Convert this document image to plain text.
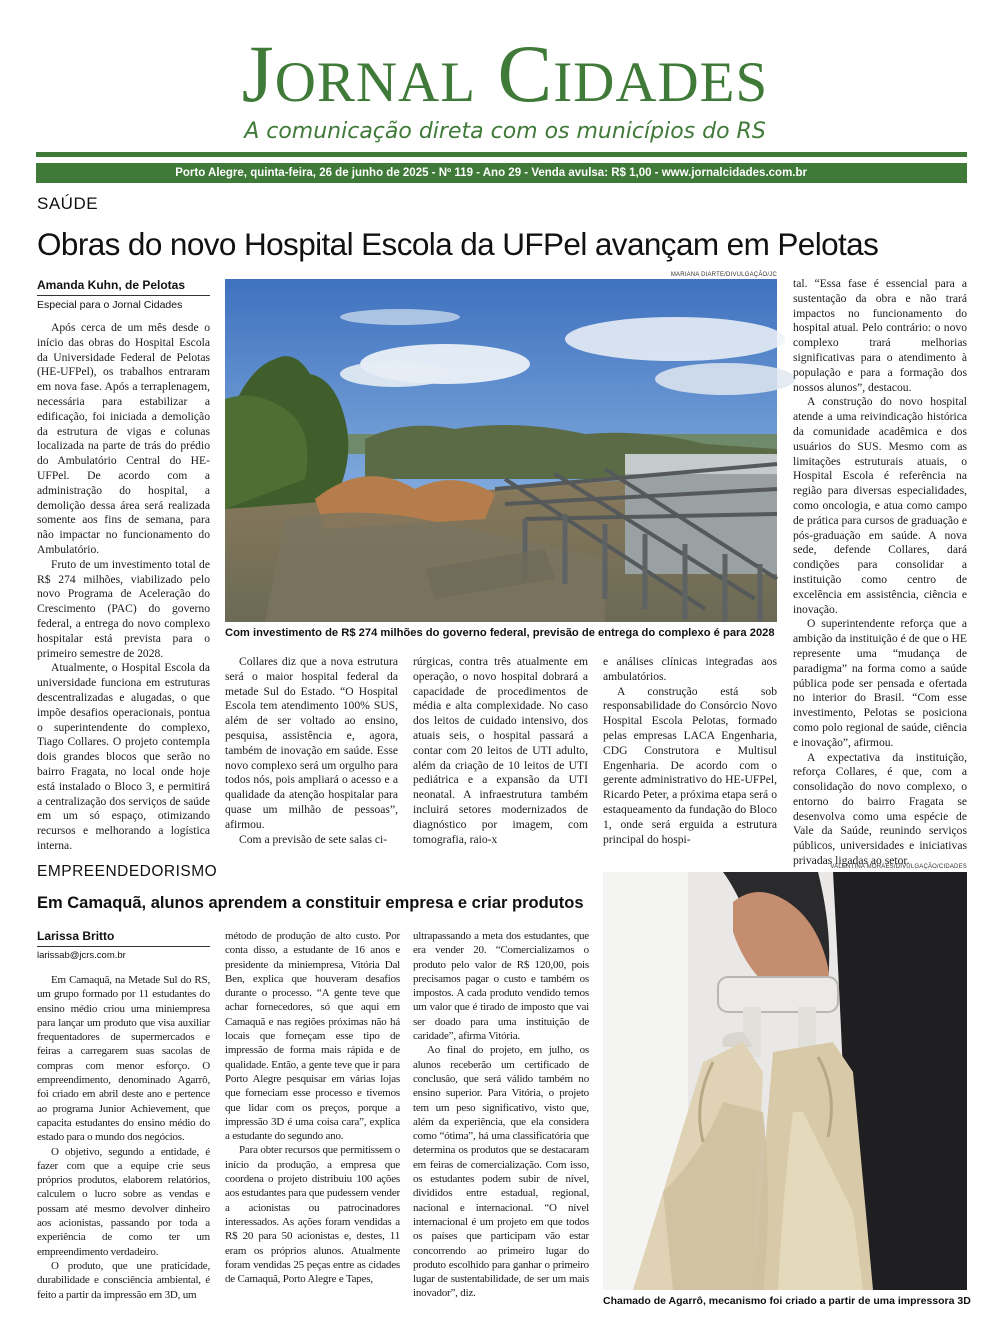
Jornal Cidades
A comunicação direta com os municípios do RS
Porto Alegre, quinta-feira, 26 de junho de 2025 - Nº 119 - Ano 29 - Venda avulsa: R$ 1,00 - www.jornalcidades.com.br
SAÚDE
Obras do novo Hospital Escola da UFPel avançam em Pelotas
Amanda Kuhn, de Pelotas
Especial para o Jornal Cidades

Após cerca de um mês desde o início das obras do Hospital Escola da Universidade Federal de Pelotas (HE-UFPel), os trabalhos entraram em nova fase. Após a terraplenagem, necessária para estabilizar a edificação, foi iniciada a demolição da estrutura de vigas e colunas localizada na parte de trás do prédio do Ambulatório Central do HE-UFPel. De acordo com a administração do hospital, a demolição dessa área será realizada somente aos fins de semana, para não impactar no funcionamento do Ambulatório.

Fruto de um investimento total de R$ 274 milhões, viabilizado pelo novo Programa de Aceleração do Crescimento (PAC) do governo federal, a entrega do novo complexo hospitalar está prevista para o primeiro semestre de 2028.

Atualmente, o Hospital Escola da universidade funciona em estruturas descentralizadas e alugadas, o que impõe desafios operacionais, pontua o superintendente do complexo, Tiago Collares. O projeto contempla dois grandes blocos que serão no bairro Fragata, no local onde hoje está instalado o Bloco 3, e permitirá a centralização dos serviços de saúde em um só espaço, otimizando recursos e melhorando a logística interna.

MARIANA DIARTE/DIVULGAÇÃO/JC
Com investimento de R$ 274 milhões do governo federal, previsão de entrega do complexo é para 2028

Collares diz que a nova estrutura será o maior hospital federal da metade Sul do Estado. “O Hospital Escola tem atendimento 100% SUS, além de ser voltado ao ensino, pesquisa, assistência e, agora, também de inovação em saúde. Esse novo complexo será um orgulho para todos nós, pois ampliará o acesso e a qualidade da atenção hospitalar para quase um milhão de pessoas”, afirmou.

Com a previsão de sete salas ci-

rúrgicas, contra três atualmente em operação, o novo hospital dobrará a capacidade de procedimentos de média e alta complexidade. No caso dos leitos de cuidado intensivo, dos atuais seis, o hospital passará a contar com 20 leitos de UTI adulto, além da criação de 10 leitos de UTI pediátrica e a expansão da UTI neonatal. A infraestrutura também incluirá setores modernizados de diagnóstico por imagem, com tomografia, raio-x

e análises clínicas integradas aos ambulatórios.

A construção está sob responsabilidade do Consórcio Novo Hospital Escola Pelotas, formado pelas empresas LACA Engenharia, CDG Construtora e Multisul Engenharia. De acordo com o gerente administrativo do HE-UFPel, Ricardo Peter, a próxima etapa será o estaqueamento da fundação do Bloco 1, onde será erguida a estrutura principal do hospi-

tal. “Essa fase é essencial para a sustentação da obra e não trará impactos no funcionamento do hospital atual. Pelo contrário: o novo complexo trará melhorias significativas para o atendimento à população e para a formação dos nossos alunos”, destacou.

A construção do novo hospital atende a uma reivindicação histórica da comunidade acadêmica e dos usuários do SUS. Mesmo com as limitações estruturais atuais, o Hospital Escola é referência na região para diversas especialidades, como oncologia, e atua como campo de prática para cursos de graduação e pós-graduação em saúde. A nova sede, defende Collares, dará condições para consolidar a instituição como centro de excelência em assistência, ciência e inovação.

O superintendente reforça que a ambição da instituição é de que o HE represente uma “mudança de paradigma” na forma como a saúde pública pode ser pensada e ofertada no interior do Brasil. “Com esse investimento, Pelotas se posiciona como polo regional de saúde, ciência e inovação”, afirmou.

A expectativa da instituição, reforça Collares, é que, com a consolidação do novo complexo, o entorno do bairro Fragata se desenvolva como uma espécie de Vale da Saúde, reunindo serviços públicos, universidades e iniciativas privadas ligadas ao setor.

EMPREENDEDORISMO
Em Camaquã, alunos aprendem a constituir empresa e criar produtos
Larissa Britto
larissab@jcrs.com.br

Em Camaquã, na Metade Sul do RS, um grupo formado por 11 estudantes do ensino médio criou uma miniempresa para lançar um produto que visa auxiliar frequentadores de supermercados e feiras a carregarem suas sacolas de compras com menor esforço. O empreendimento, denominado Agarrô, foi criado em abril deste ano e pertence ao programa Junior Achievement, que capacita estudantes do ensino médio do estado para o mundo dos negócios.

O objetivo, segundo a entidade, é fazer com que a equipe crie seus próprios produtos, elaborem relatórios, calculem o lucro sobre as vendas e possam até mesmo devolver dinheiro aos acionistas, passando por toda a experiência de como ter um empreendimento verdadeiro.

O produto, que une praticidade, durabilidade e consciência ambiental, é feito a partir da impressão em 3D, um

método de produção de alto custo. Por conta disso, a estudante de 16 anos e presidente da miniempresa, Vitória Dal Ben, explica que houveram desafios durante o processo. “A gente teve que achar fornecedores, só que aqui em Camaquã e nas regiões próximas não há locais que forneçam esse tipo de impressão de forma mais rápida e de qualidade. Então, a gente teve que ir para Porto Alegre pesquisar em várias lojas que forneciam esse processo e tivemos que lidar com os preços, porque a impressão 3D é uma coisa cara”, explica a estudante do segundo ano.

Para obter recursos que permitissem o início da produção, a empresa que coordena o projeto distribuiu 100 ações aos estudantes para que pudessem vender a acionistas ou patrocinadores interessados. As ações foram vendidas a R$ 20 para 50 acionistas e, destes, 11 eram os próprios alunos. Atualmente foram vendidas 25 peças entre as cidades de Camaquã, Porto Alegre e Tapes,

ultrapassando a meta dos estudantes, que era vender 20. “Comercializamos o produto pelo valor de R$ 120,00, pois precisamos pagar o custo e também os impostos. A cada produto vendido temos um valor que é tirado de imposto que vai ser doado para uma instituição de caridade”, afirma Vitória.

Ao final do projeto, em julho, os alunos receberão um certificado de conclusão, que será válido também no ensino superior. Para Vitória, o projeto tem um peso significativo, visto que, além da experiência, que ela considera como “ótima”, há uma classificatória que determina os produtos que se destacaram em feiras de comercialização. Com isso, os estudantes podem subir de nível, divididos entre estadual, regional, nacional e internacional. “O nível internacional é um projeto em que todos os países que participam vão estar concorrendo ao primeiro lugar do produto escolhido para ganhar o primeiro lugar de sustentabilidade, de ser um mais inovador”, diz.

VALENTINA MORAES/DIVULGAÇÃO/CIDADES
Chamado de Agarrô, mecanismo foi criado a partir de uma impressora 3D
